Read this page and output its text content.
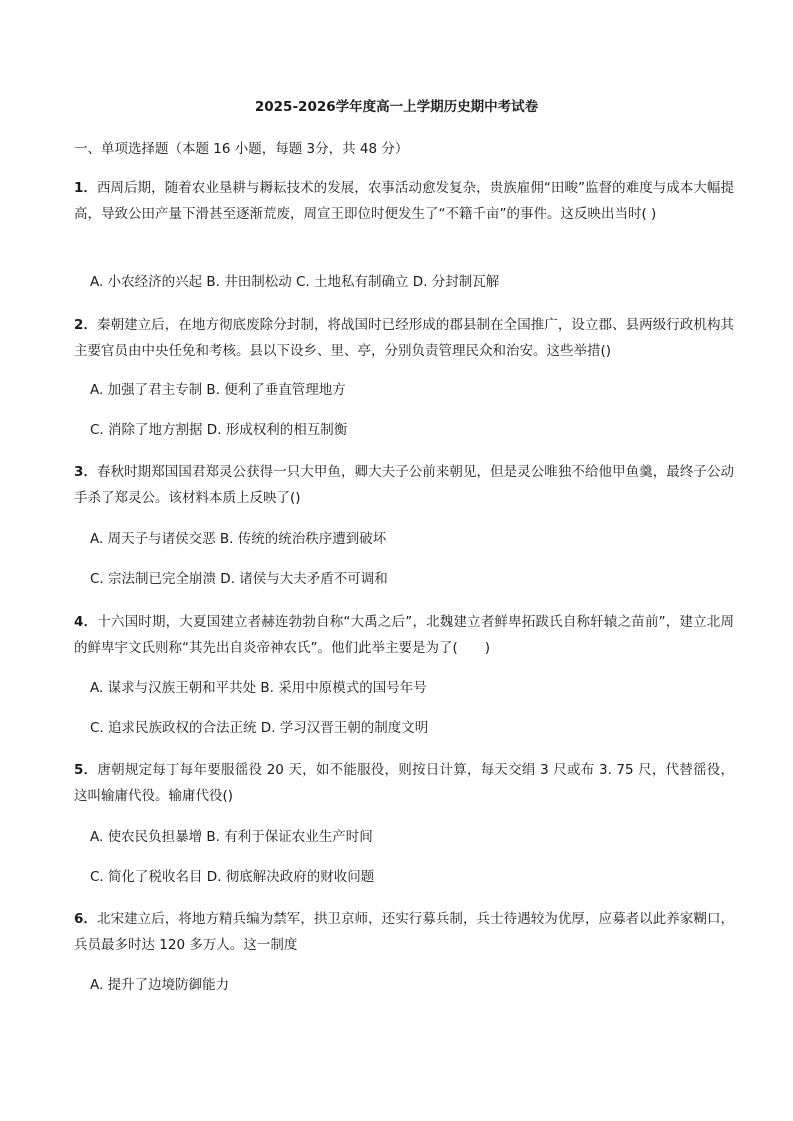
2025-2026学年度高一上学期历史期中考试卷
一、单项选择题（本题 16 小题，每题 3分，共 48 分）
1．西周后期，随着农业垦耕与耨耘技术的发展，农事活动愈发复杂，贵族雇佣“田畯”监督的难度与成本大幅提高，导致公田产量下滑甚至逐渐荒废，周宣王即位时便发生了“不籍千亩”的事件。这反映出当时( )
A. 小农经济的兴起 B. 井田制松动 C. 土地私有制确立 D. 分封制瓦解
2．秦朝建立后，在地方彻底废除分封制，将战国时已经形成的郡县制在全国推广，设立郡、县两级行政机构其主要官员由中央任免和考核。县以下设乡、里、亭，分别负责管理民众和治安。这些举措()
A. 加强了君主专制 B. 便利了垂直管理地方
C. 消除了地方割据 D. 形成权利的相互制衡
3．春秋时期郑国国君郑灵公获得一只大甲鱼，卿大夫子公前来朝见，但是灵公唯独不给他甲鱼羹，最终子公动手杀了郑灵公。该材料本质上反映了()
A. 周天子与诸侯交恶 B. 传统的统治秩序遭到破坏
C. 宗法制已完全崩溃 D. 诸侯与大夫矛盾不可调和
4．十六国时期，大夏国建立者赫连勃勃自称“大禹之后”，北魏建立者鲜卑拓跋氏自称轩辕之苗前”，建立北周的鲜卑宇文氏则称“其先出自炎帝神农氏”。他们此举主要是为了(　　)
A. 谋求与汉族王朝和平共处 B. 采用中原模式的国号年号
C. 追求民族政权的合法正统 D. 学习汉晋王朝的制度文明
5．唐朝规定每丁每年要服徭役 20 天，如不能服役，则按日计算，每天交绢 3 尺或布 3. 75 尺，代替徭役，这叫输庸代役。输庸代役()
A. 使农民负担暴增 B. 有利于保证农业生产时间
C. 简化了税收名目 D. 彻底解决政府的财收问题
6．北宋建立后，将地方精兵编为禁军，拱卫京师，还实行募兵制，兵士待遇较为优厚，应募者以此养家糊口，兵员最多时达 120 多万人。这一制度
A. 提升了边境防御能力
